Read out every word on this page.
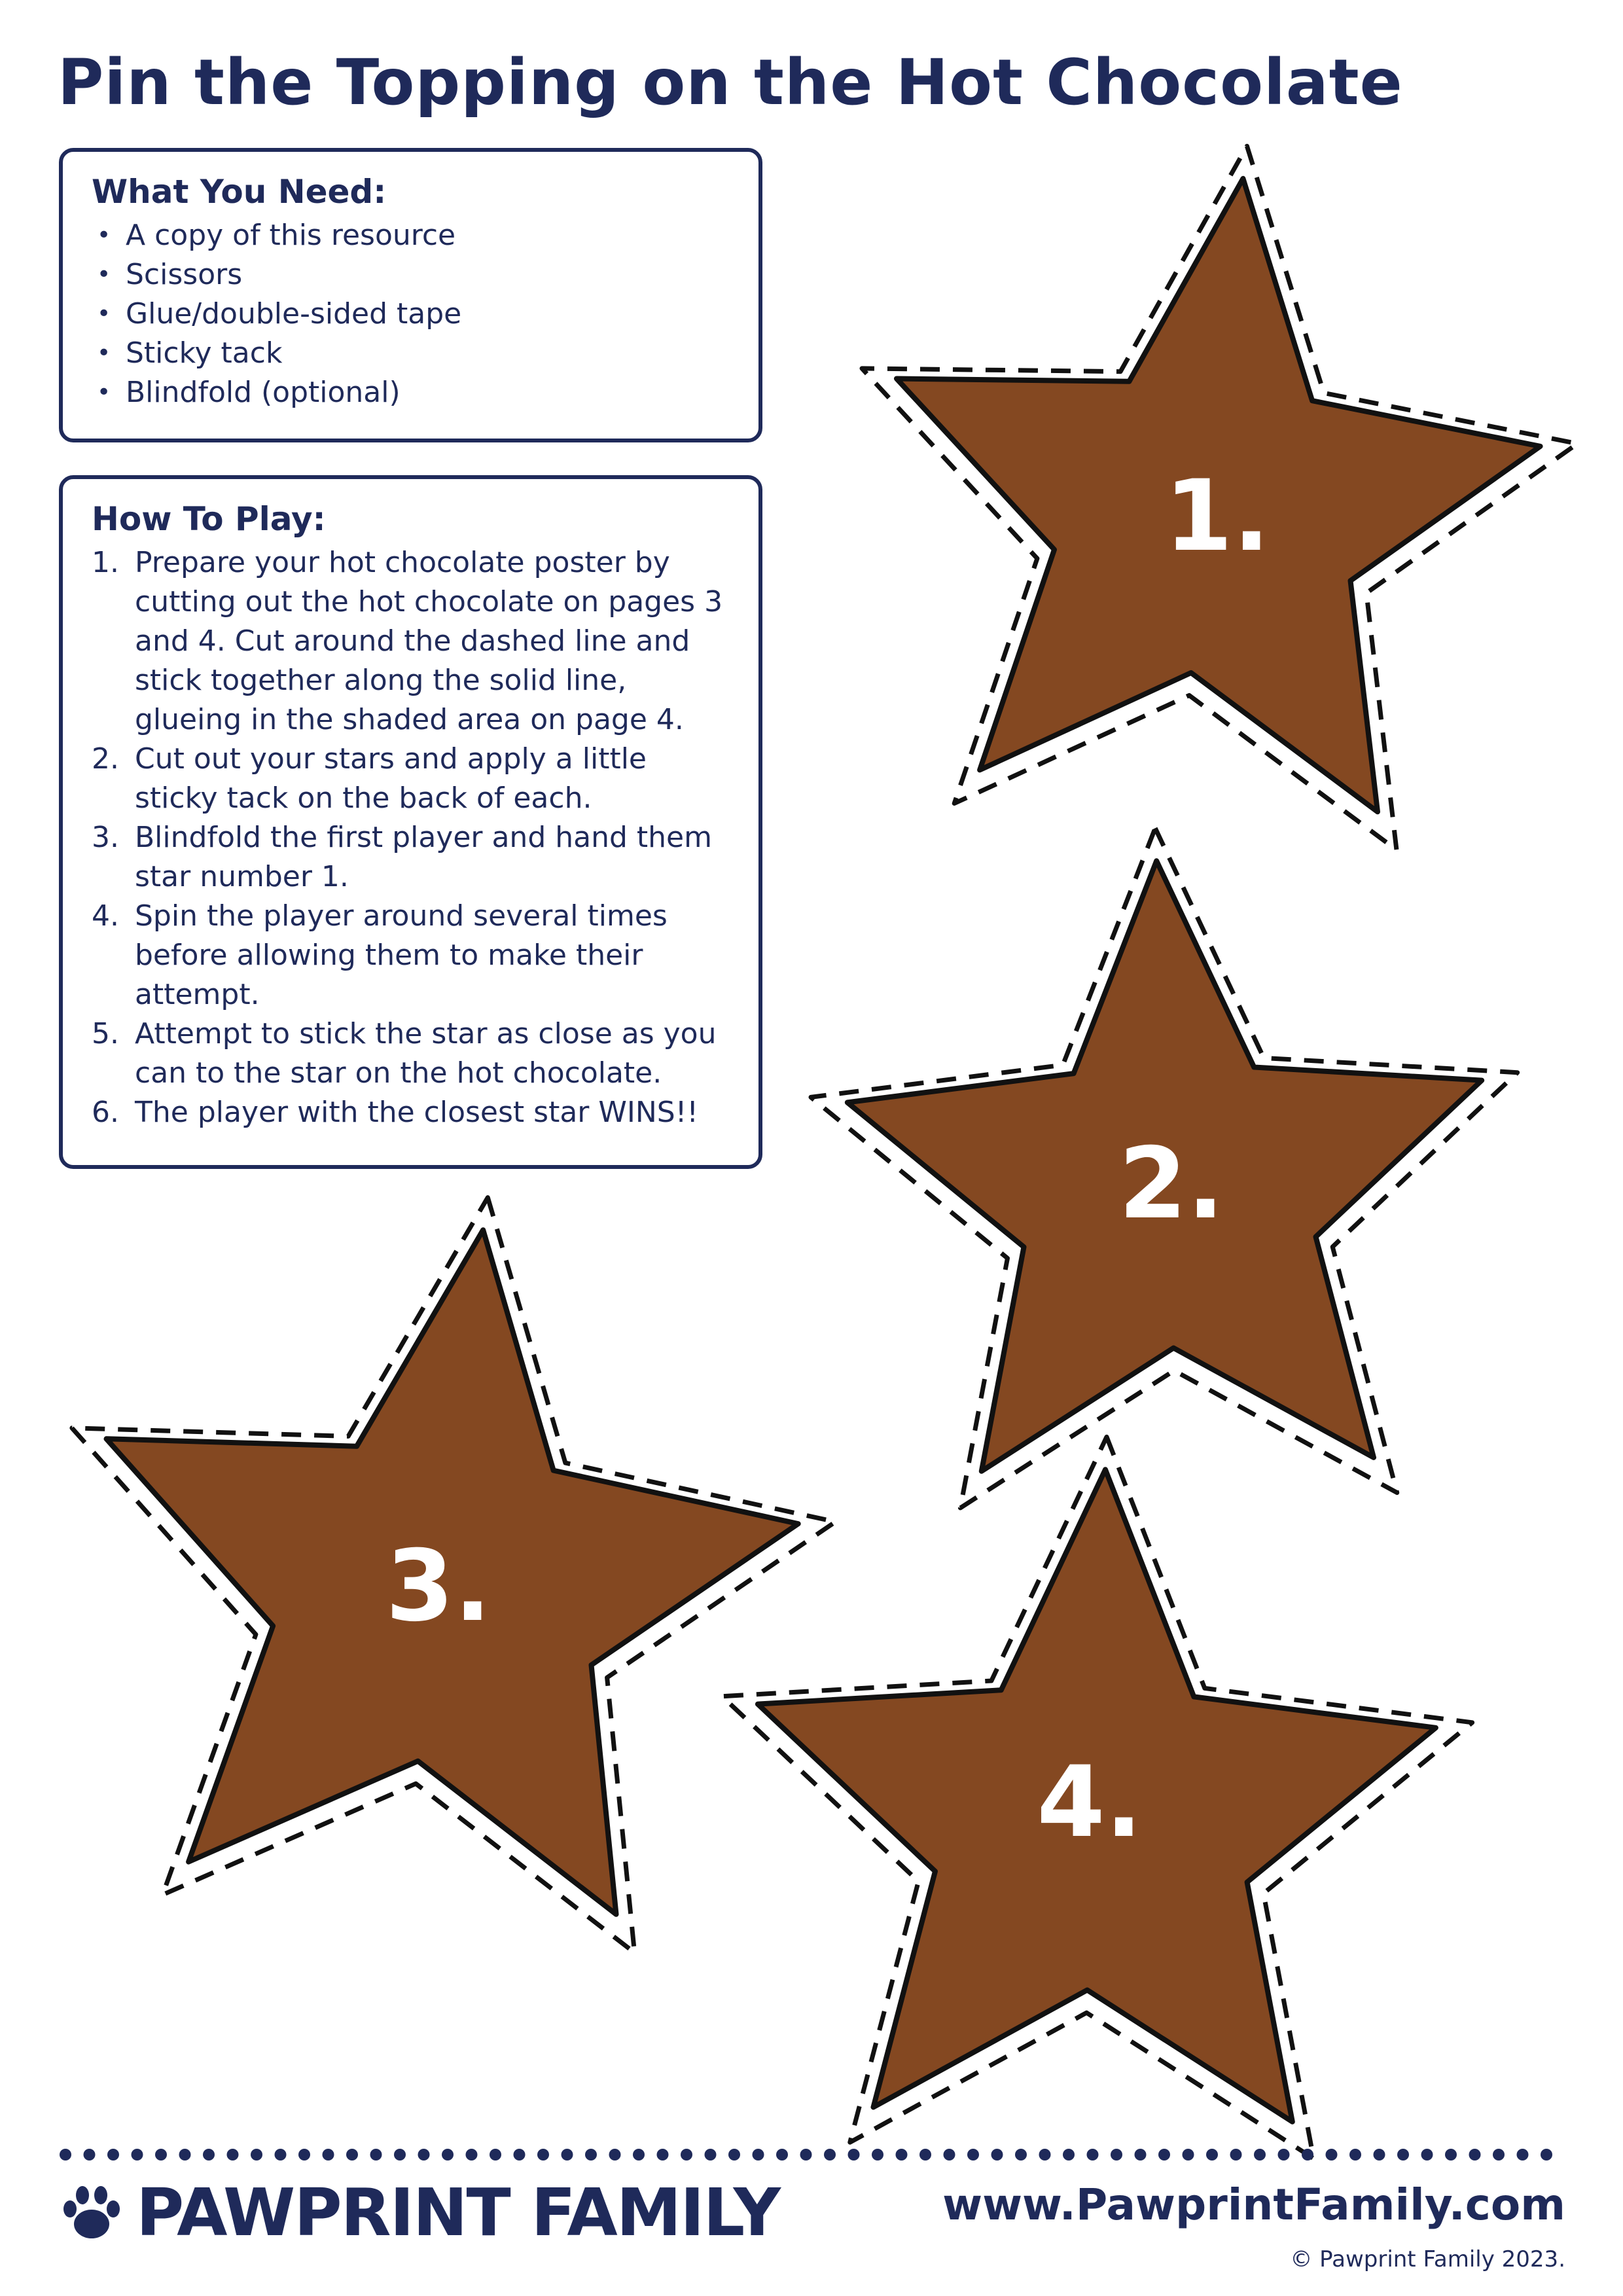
Pin the Topping on the Hot Chocolate
What You Need:
• A copy of this resource
• Scissors
• Glue/double-sided tape
• Sticky tack
• Blindfold (optional)
How To Play:
1. Prepare your hot chocolate poster by cutting out the hot chocolate on pages 3 and 4. Cut around the dashed line and stick together along the solid line, glueing in the shaded area on page 4.
2. Cut out your stars and apply a little sticky tack on the back of each.
3. Blindfold the first player and hand them star number 1.
4. Spin the player around several times before allowing them to make their attempt.
5. Attempt to stick the star as close as you can to the star on the hot chocolate.
6. The player with the closest star WINS!!
1.
2.
3.
4.
PAWPRINT FAMILY	www.PawprintFamily.com
© Pawprint Family 2023.
